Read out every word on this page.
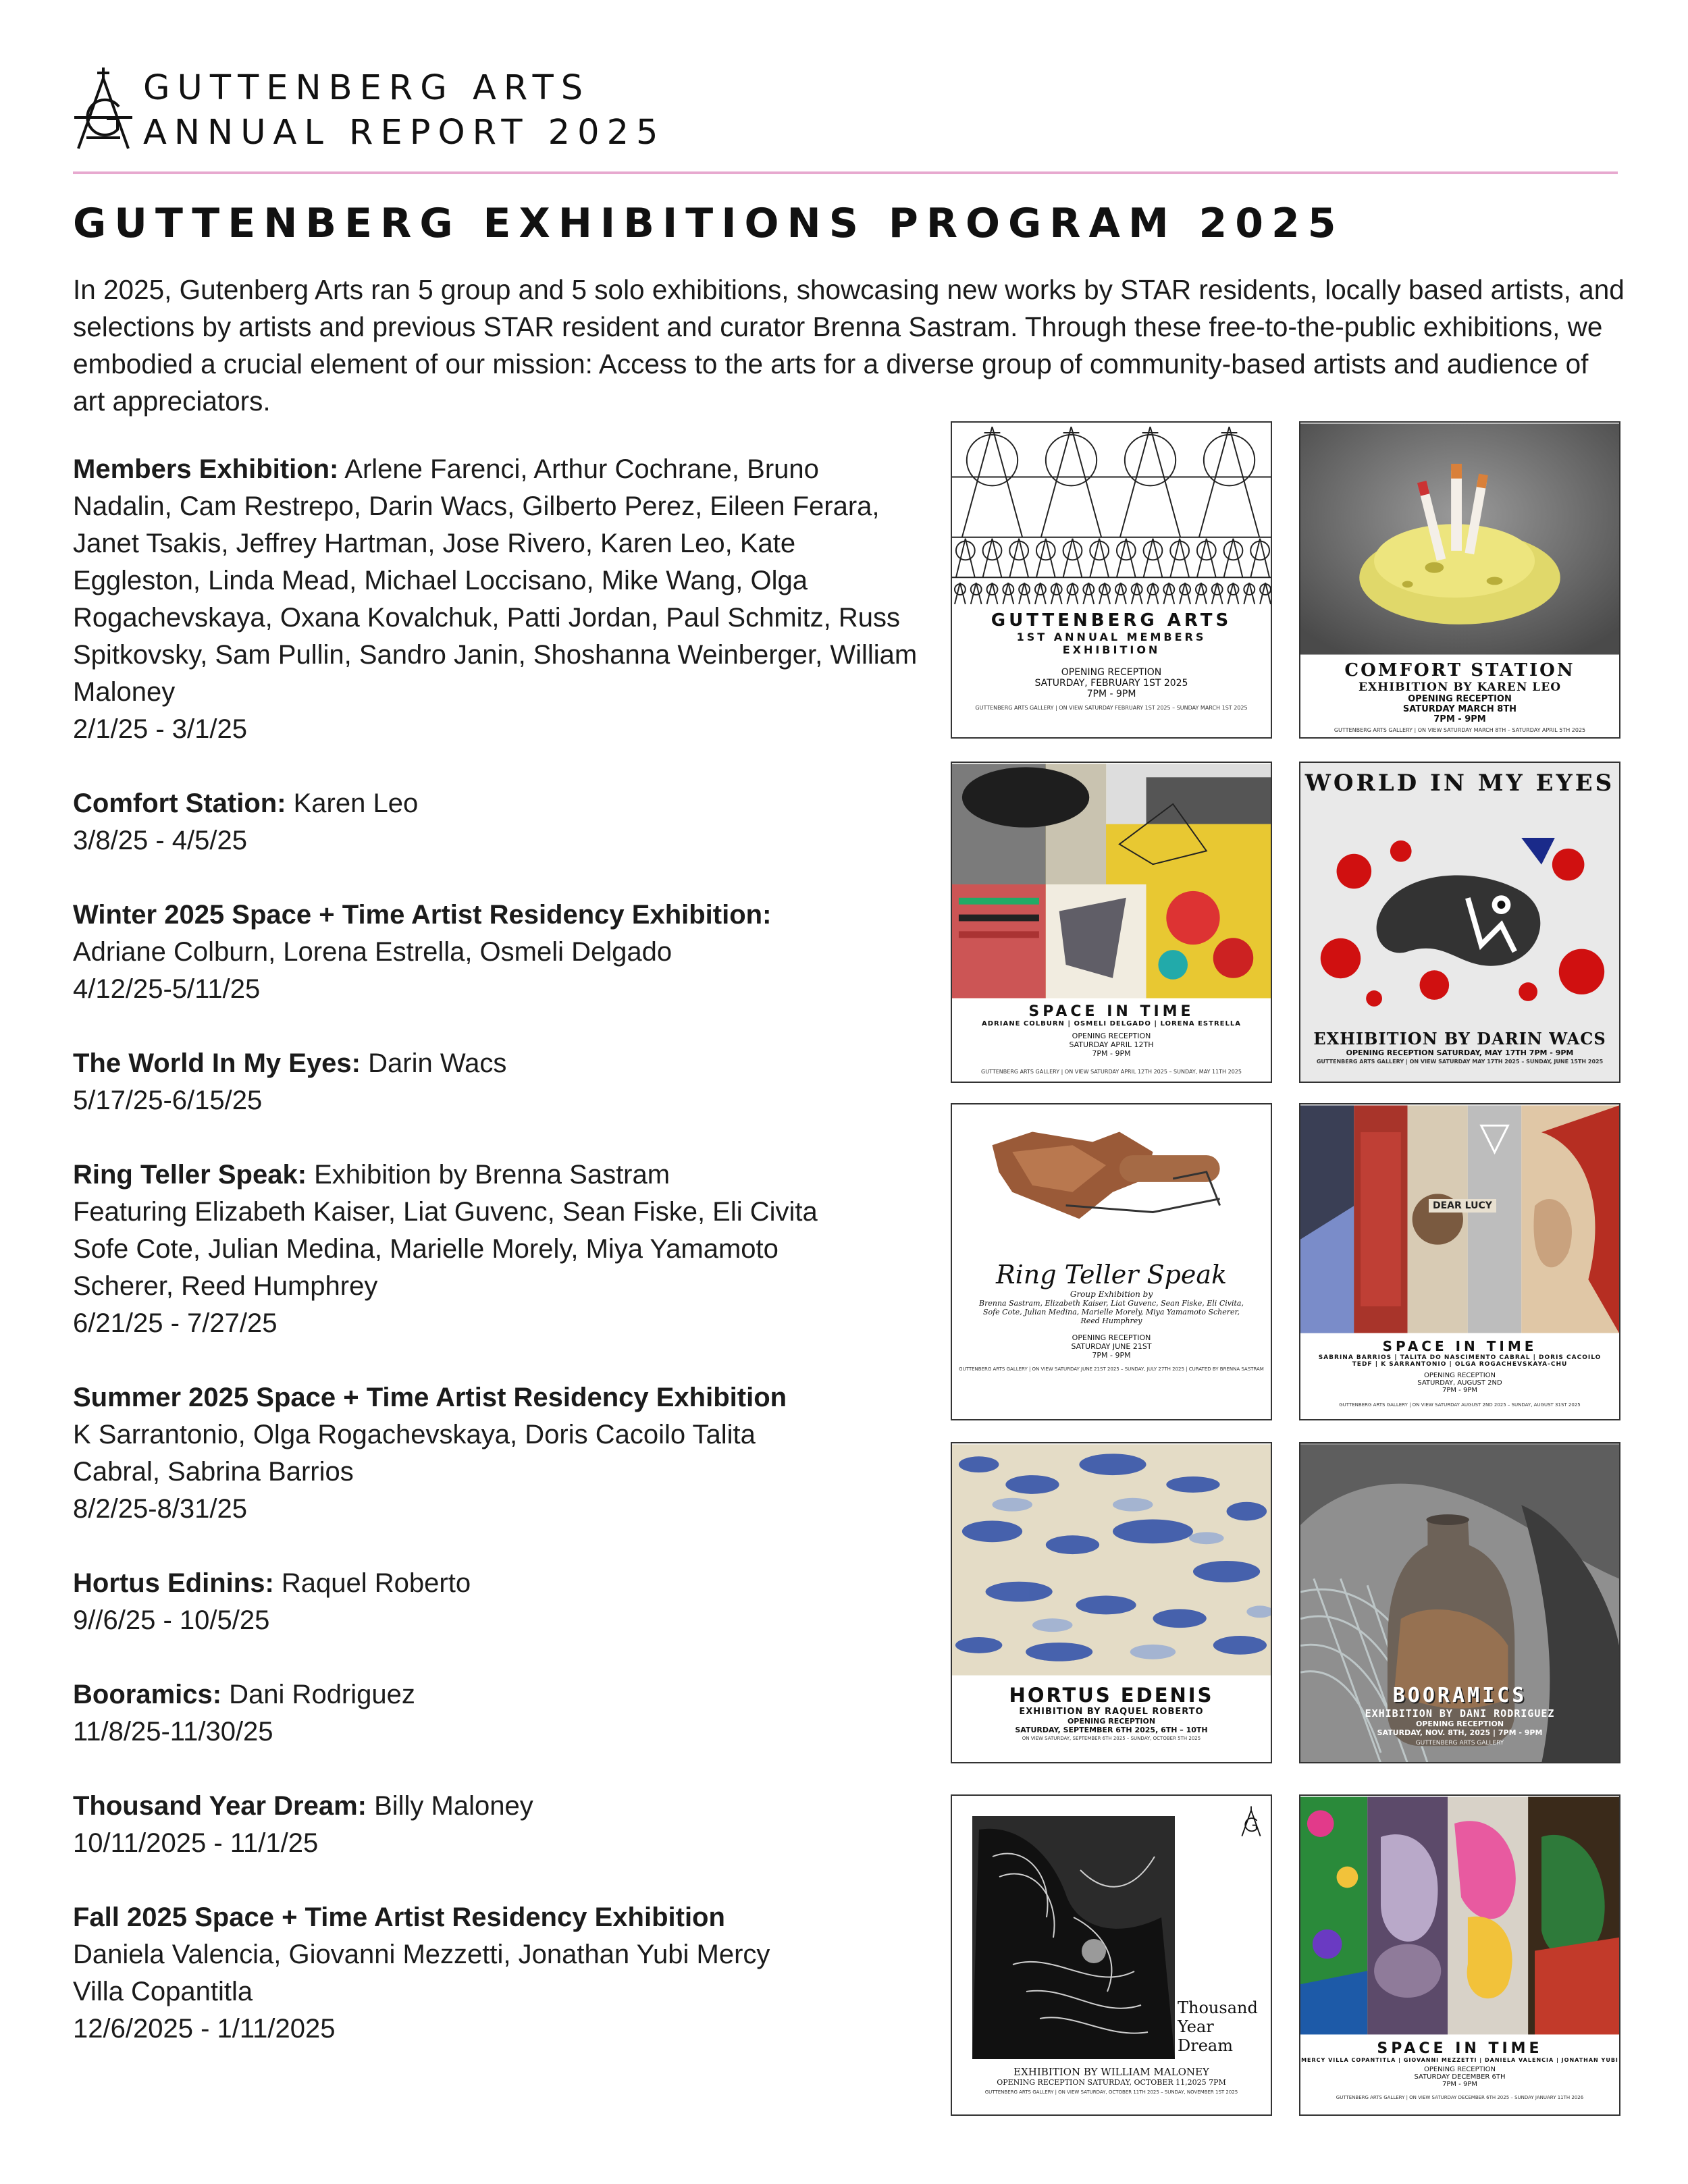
GUTTENBERG ARTS
ANNUAL REPORT 2025
GUTTENBERG EXHIBITIONS PROGRAM 2025
In 2025, Gutenberg Arts ran 5 group and 5 solo exhibitions, showcasing new works by STAR residents, locally based artists, and selections by artists and previous STAR resident and curator Brenna Sastram. Through these free-to-the-public exhibitions, we embodied a crucial element of our mission: Access to the arts for a diverse group of community-based artists and audience of art appreciators.
Members Exhibition: Arlene Farenci, Arthur Cochrane, Bruno Nadalin, Cam Restrepo, Darin Wacs, Gilberto Perez, Eileen Ferara, Janet Tsakis, Jeffrey Hartman, Jose Rivero, Karen Leo, Kate Eggleston, Linda Mead, Michael Loccisano, Mike Wang, Olga Rogachevskaya, Oxana Kovalchuk, Patti Jordan, Paul Schmitz, Russ Spitkovsky, Sam Pullin, Sandro Janin, Shoshanna Weinberger, William Maloney
2/1/25 - 3/1/25
Comfort Station: Karen Leo
3/8/25 - 4/5/25
Winter 2025 Space + Time Artist Residency Exhibition:
Adriane Colburn, Lorena Estrella, Osmeli Delgado
4/12/25-5/11/25
The World In My Eyes: Darin Wacs
5/17/25-6/15/25
Ring Teller Speak: Exhibition by Brenna Sastram
Featuring Elizabeth Kaiser, Liat Guvenc, Sean Fiske, Eli Civita Sofe Cote, Julian Medina, Marielle Morely, Miya Yamamoto Scherer, Reed Humphrey
6/21/25 - 7/27/25
Summer 2025 Space + Time Artist Residency Exhibition
K Sarrantonio, Olga Rogachevskaya, Doris Cacoilo Talita Cabral, Sabrina Barrios
8/2/25-8/31/25
Hortus Edinins: Raquel Roberto
9//6/25 - 10/5/25
Booramics: Dani Rodriguez
11/8/25-11/30/25
Thousand Year Dream: Billy Maloney
10/11/2025 - 11/1/25
Fall 2025 Space + Time Artist Residency Exhibition
Daniela Valencia, Giovanni Mezzetti, Jonathan Yubi Mercy Villa Copantitla
12/6/2025 - 1/11/2025
GUTTENBERG ARTS
1ST ANNUAL MEMBERS
EXHIBITION
OPENING RECEPTION
SATURDAY, FEBRUARY 1ST 2025
7PM - 9PM
GUTTENBERG ARTS GALLERY | ON VIEW SATURDAY FEBRUARY 1ST 2025 – SUNDAY MARCH 1ST 2025
COMFORT STATION
EXHIBITION BY KAREN LEO
OPENING RECEPTION
SATURDAY MARCH 8TH
7PM - 9PM
GUTTENBERG ARTS GALLERY | ON VIEW SATURDAY MARCH 8TH – SATURDAY APRIL 5TH 2025
SPACE IN TIME
ADRIANE COLBURN | OSMELI DELGADO | LORENA ESTRELLA
OPENING RECEPTION
SATURDAY APRIL 12TH
7PM - 9PM
GUTTENBERG ARTS GALLERY | ON VIEW SATURDAY APRIL 12TH 2025 – SUNDAY, MAY 11TH 2025
WORLD IN MY EYES
EXHIBITION BY DARIN WACS
OPENING RECEPTION SATURDAY, MAY 17TH 7PM - 9PM
GUTTENBERG ARTS GALLERY | ON VIEW SATURDAY MAY 17TH 2025 – SUNDAY, JUNE 15TH 2025
Ring Teller Speak
Group Exhibition by
Brenna Sastram, Elizabeth Kaiser, Liat Guvenc, Sean Fiske, Eli Civita, Sofe Cote, Julian Medina, Marielle Morely, Miya Yamamoto Scherer, Reed Humphrey
OPENING RECEPTION
SATURDAY JUNE 21ST
7PM - 9PM
GUTTENBERG ARTS GALLERY | ON VIEW SATURDAY JUNE 21ST 2025 – SUNDAY, JULY 27TH 2025 | CURATED BY BRENNA SASTRAM
DEAR LUCY
SPACE IN TIME
SABRINA BARRIOS | TALITA DO NASCIMENTO CABRAL | DORIS CACOILO
TEDF | K SARRANTONIO | OLGA ROGACHEVSKAYA-CHU
OPENING RECEPTION
SATURDAY, AUGUST 2ND
7PM - 9PM
GUTTENBERG ARTS GALLERY | ON VIEW SATURDAY AUGUST 2ND 2025 – SUNDAY, AUGUST 31ST 2025
HORTUS EDENIS
EXHIBITION BY RAQUEL ROBERTO
OPENING RECEPTION
SATURDAY, SEPTEMBER 6TH 2025, 6TH – 10TH
ON VIEW SATURDAY, SEPTEMBER 6TH 2025 – SUNDAY, OCTOBER 5TH 2025
BOORAMICS
EXHIBITION BY DANI RODRIGUEZ
OPENING RECEPTION
SATURDAY, NOV. 8TH, 2025 | 7PM - 9PM
GUTTENBERG ARTS GALLERY
Thousand
Year
Dream
EXHIBITION BY WILLIAM MALONEY
OPENING RECEPTION SATURDAY, OCTOBER 11,2025 7PM
GUTTENBERG ARTS GALLERY | ON VIEW SATURDAY, OCTOBER 11TH 2025 – SUNDAY, NOVEMBER 1ST 2025
SPACE IN TIME
MERCY VILLA COPANTITLA | GIOVANNI MEZZETTI | DANIELA VALENCIA | JONATHAN YUBI
OPENING RECEPTION
SATURDAY DECEMBER 6TH
7PM - 9PM
GUTTENBERG ARTS GALLERY | ON VIEW SATURDAY DECEMBER 6TH 2025 – SUNDAY JANUARY 11TH 2026
